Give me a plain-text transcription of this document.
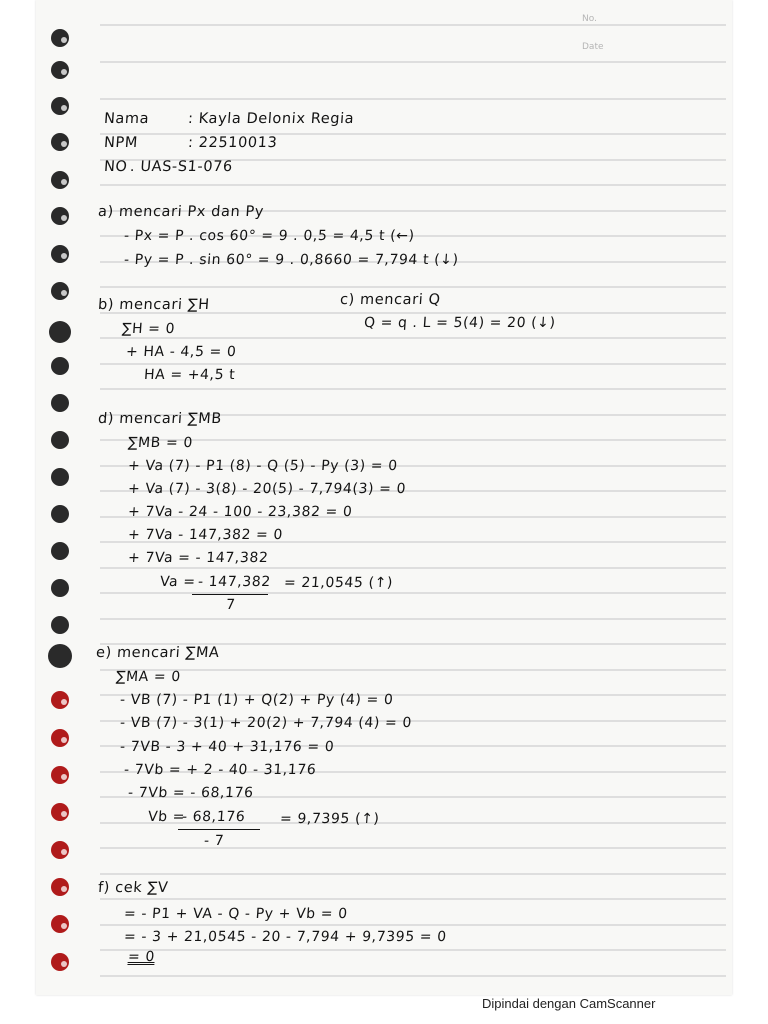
No.
Date
Nama	: Kayla Delonix Regia
NPM	: 22510013
NO . UAS-S1-076
a) mencari Px dan Py
- Px = P . cos 60° = 9 . 0,5 = 4,5 t (←)
- Py = P . sin 60° = 9 . 0,8660 = 7,794 t (↓)
b) mencari ∑H
∑H = 0
+ HA - 4,5 = 0
HA = +4,5 t
c) mencari Q
Q = q . L = 5(4) = 20 (↓)
d) mencari ∑MB
∑MB = 0
+ Va (7) - P1 (8) - Q (5) - Py (3) = 0
+ Va (7) - 3(8) - 20(5) - 7,794(3) = 0
+ 7Va - 24 - 100 - 23,382 = 0
+ 7Va - 147,382 = 0
+ 7Va = - 147,382
Va = - 147,382
7
= 21,0545 (↑)
e) mencari ∑MA
∑MA = 0
- VB (7) - P1 (1) + Q(2) + Py (4) = 0
- VB (7) - 3(1) + 20(2) + 7,794 (4) = 0
- 7VB - 3 + 40 + 31,176 = 0
- 7Vb = + 2 - 40 - 31,176
- 7Vb = - 68,176
Vb =
- 68,176
- 7
= 9,7395 (↑)
f) cek ∑V
= - P1 + VA - Q - Py + Vb = 0
= - 3 + 21,0545 - 20 - 7,794 + 9,7395 = 0
= 0
Dipindai dengan CamScanner
